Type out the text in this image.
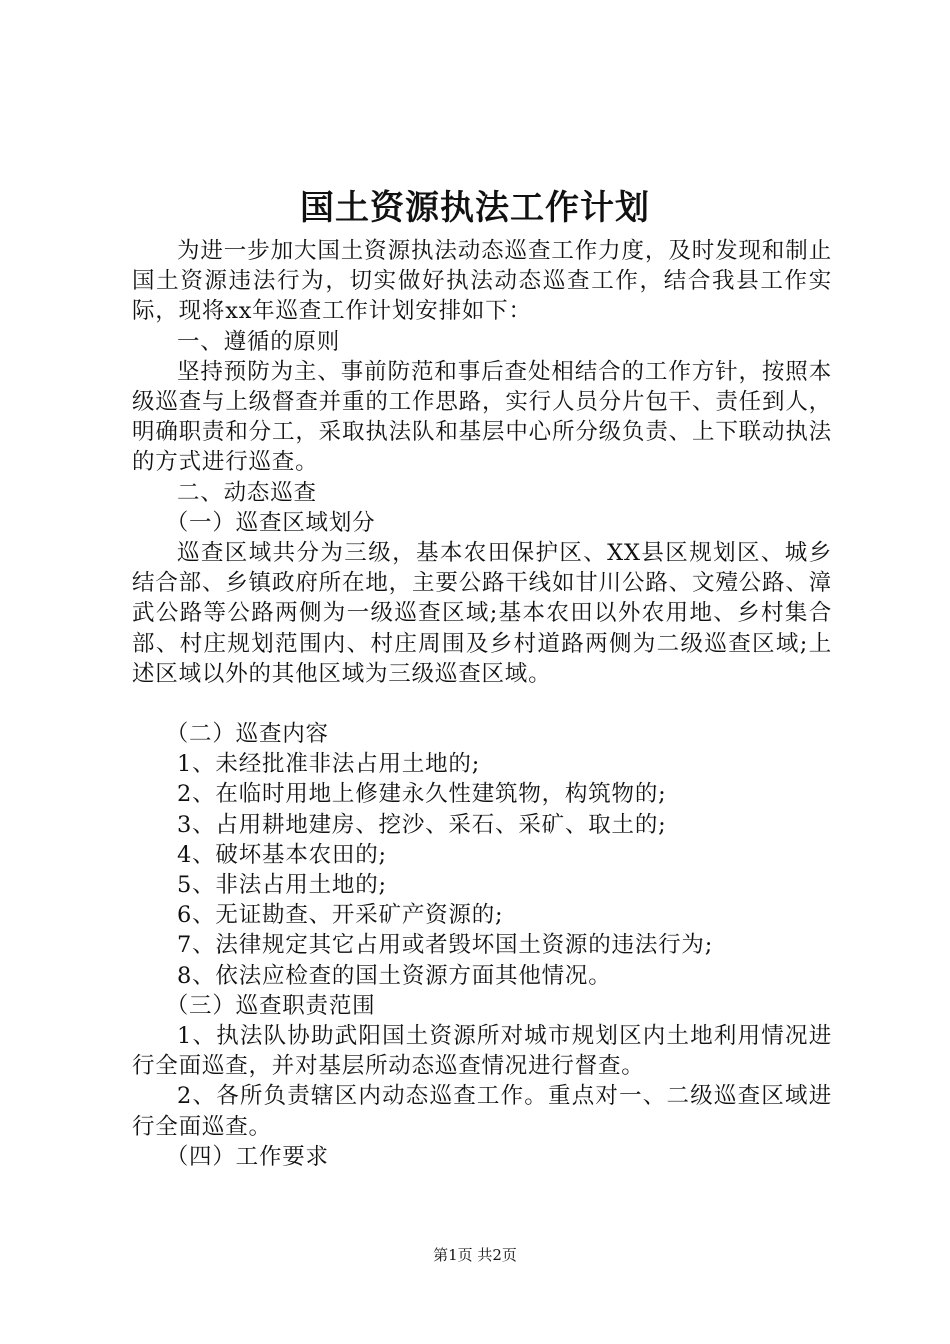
国土资源执法工作计划

为进一步加大国土资源执法动态巡查工作力度，及时发现和制止国土资源违法行为，切实做好执法动态巡查工作，结合我县工作实际，现将xx年巡查工作计划安排如下：

一、遵循的原则

坚持预防为主、事前防范和事后查处相结合的工作方针，按照本级巡查与上级督查并重的工作思路，实行人员分片包干、责任到人，明确职责和分工，采取执法队和基层中心所分级负责、上下联动执法的方式进行巡查。

二、动态巡查

（一）巡查区域划分

巡查区域共分为三级，基本农田保护区、XX县区规划区、城乡结合部、乡镇政府所在地，主要公路干线如甘川公路、文殪公路、漳武公路等公路两侧为一级巡查区域;基本农田以外农用地、乡村集合部、村庄规划范围内、村庄周围及乡村道路两侧为二级巡查区域;上述区域以外的其他区域为三级巡查区域。

（二）巡查内容

1、未经批准非法占用土地的;

2、在临时用地上修建永久性建筑物，构筑物的;

3、占用耕地建房、挖沙、采石、采矿、取土的;

4、破坏基本农田的;

5、非法占用土地的;

6、无证勘查、开采矿产资源的;

7、法律规定其它占用或者毁坏国土资源的违法行为;

8、依法应检查的国土资源方面其他情况。

（三）巡查职责范围

1、执法队协助武阳国土资源所对城市规划区内土地利用情况进行全面巡查，并对基层所动态巡查情况进行督查。

2、各所负责辖区内动态巡查工作。重点对一、二级巡查区域进行全面巡查。

（四）工作要求

第1页 共2页
